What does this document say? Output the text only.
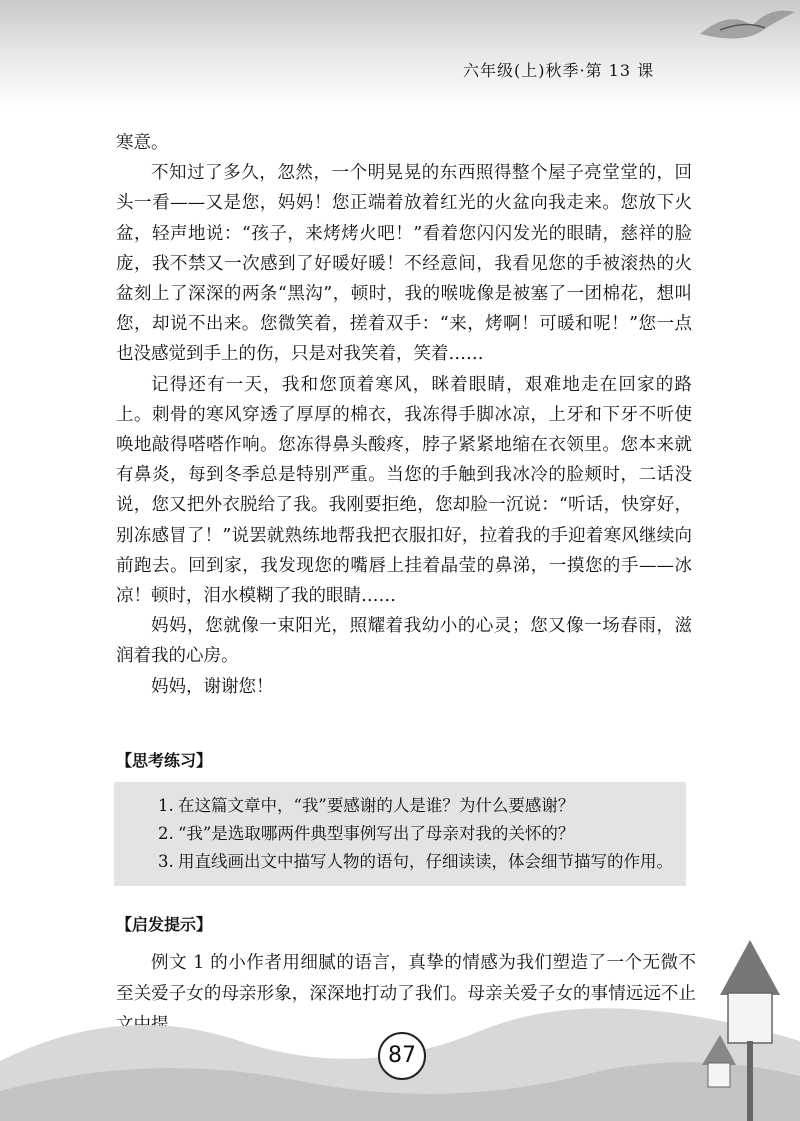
六年级(上)秋季·第 13 课

寒意。

不知过了多久，忽然，一个明晃晃的东西照得整个屋子亮堂堂的，回头一看——又是您，妈妈！您正端着放着红光的火盆向我走来。您放下火盆，轻声地说：“孩子，来烤烤火吧！”看着您闪闪发光的眼睛，慈祥的脸庞，我不禁又一次感到了好暖好暖！不经意间，我看见您的手被滚热的火盆刻上了深深的两条“黑沟”，顿时，我的喉咙像是被塞了一团棉花，想叫您，却说不出来。您微笑着，搓着双手：“来，烤啊！可暖和呢！”您一点也没感觉到手上的伤，只是对我笑着，笑着……

记得还有一天，我和您顶着寒风，眯着眼睛，艰难地走在回家的路上。刺骨的寒风穿透了厚厚的棉衣，我冻得手脚冰凉，上牙和下牙不听使唤地敲得嗒嗒作响。您冻得鼻头酸疼，脖子紧紧地缩在衣领里。您本来就有鼻炎，每到冬季总是特别严重。当您的手触到我冰冷的脸颊时，二话没说，您又把外衣脱给了我。我刚要拒绝，您却脸一沉说：“听话，快穿好，别冻感冒了！”说罢就熟练地帮我把衣服扣好，拉着我的手迎着寒风继续向前跑去。回到家，我发现您的嘴唇上挂着晶莹的鼻涕，一摸您的手——冰凉！顿时，泪水模糊了我的眼睛……

妈妈，您就像一束阳光，照耀着我幼小的心灵；您又像一场春雨，滋润着我的心房。

妈妈，谢谢您！

【思考练习】
1. 在这篇文章中，“我”要感谢的人是谁？为什么要感谢？
2. “我”是选取哪两件典型事例写出了母亲对我的关怀的？
3. 用直线画出文中描写人物的语句，仔细读读，体会细节描写的作用。
【启发提示】

例文 1 的小作者用细腻的语言，真挚的情感为我们塑造了一个无微不至关爱子女的母亲形象，深深地打动了我们。母亲关爱子女的事情远远不止文中提

87
